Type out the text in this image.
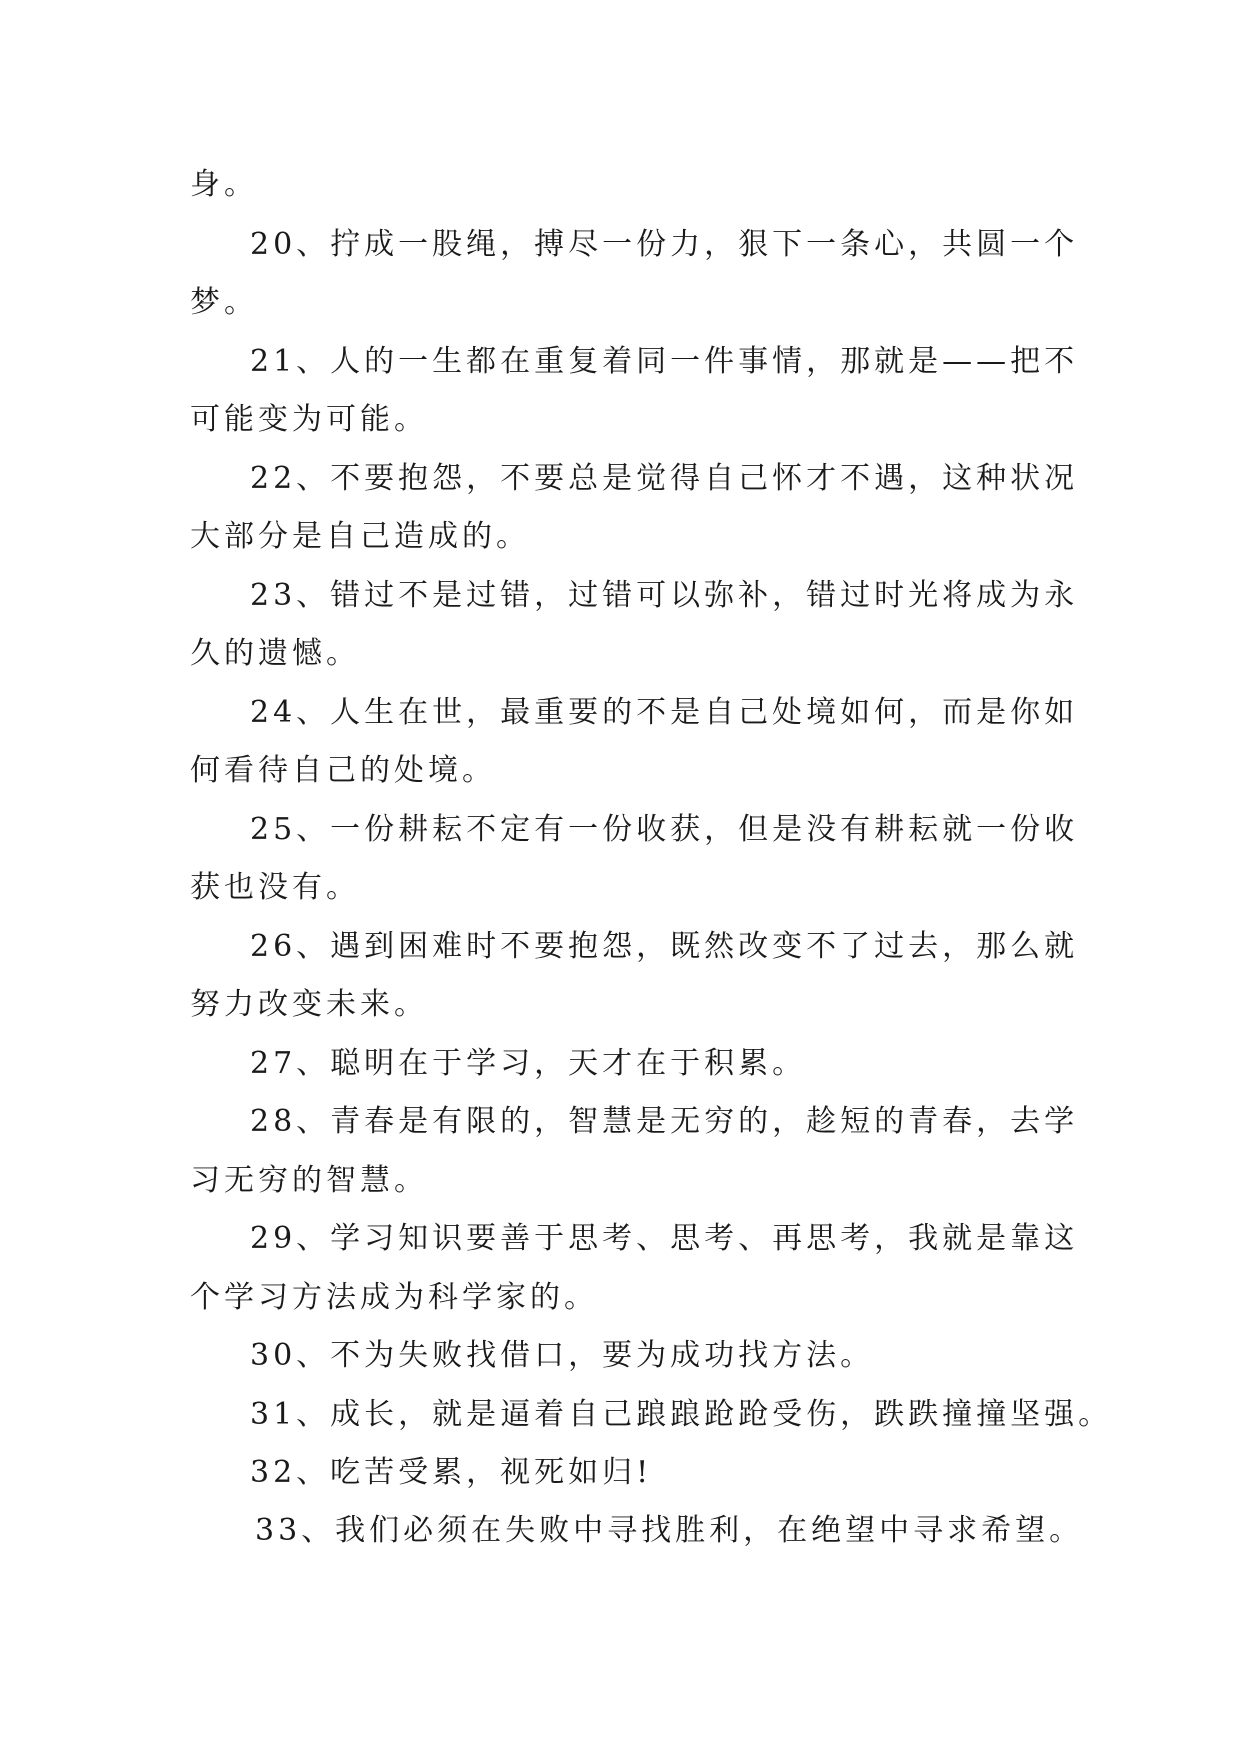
身。
20、拧成一股绳，搏尽一份力，狠下一条心，共圆一个
梦。
21、人的一生都在重复着同一件事情，那就是——把不
可能变为可能。
22、不要抱怨，不要总是觉得自己怀才不遇，这种状况
大部分是自己造成的。
23、错过不是过错，过错可以弥补，错过时光将成为永
久的遗憾。
24、人生在世，最重要的不是自己处境如何，而是你如
何看待自己的处境。
25、一份耕耘不定有一份收获，但是没有耕耘就一份收
获也没有。
26、遇到困难时不要抱怨，既然改变不了过去，那么就
努力改变未来。
27、聪明在于学习，天才在于积累。
28、青春是有限的，智慧是无穷的，趁短的青春，去学
习无穷的智慧。
29、学习知识要善于思考、思考、再思考，我就是靠这
个学习方法成为科学家的。
30、不为失败找借口，要为成功找方法。
31、成长，就是逼着自己踉踉跄跄受伤，跌跌撞撞坚强。
32、吃苦受累，视死如归!
33、我们必须在失败中寻找胜利，在绝望中寻求希望。
